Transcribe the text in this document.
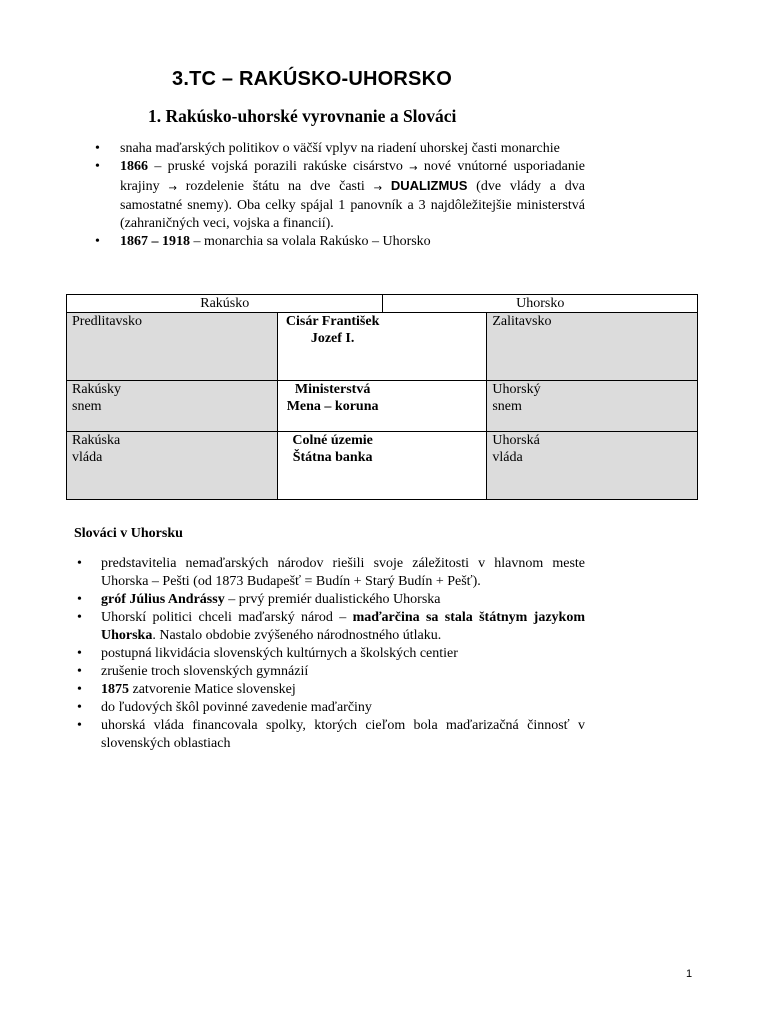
3.TC – RAKÚSKO-UHORSKO
1. Rakúsko-uhorské vyrovnanie a Slováci
• snaha maďarských politikov o väčší vplyv na riadení uhorskej časti monarchie
• 1866 – pruské vojská porazili rakúske cisárstvo → nové vnútorné usporiadanie krajiny → rozdelenie štátu na dve časti → DUALIZMUS (dve vlády a dva samostatné snemy). Oba celky spájal 1 panovník a 3 najdôležitejšie ministerstvá (zahraničných veci, vojska a financií).
• 1867 – 1918 – monarchia sa volala Rakúsko – Uhorsko
Rakúsko		Uhorsko	
Predlitavsko	Cisár František Jozef I.		Zalitavsko

Rakúsky snem	Ministerstvá Mena – koruna		Uhorský snem

Rakúska vláda	Colné územie Štátna banka		Uhorská vláda
Slováci v Uhorsku
• predstavitelia nemaďarských národov riešili svoje záležitosti v hlavnom meste Uhorska – Pešti (od 1873 Budapešť = Budín + Starý Budín + Pešť).
• gróf Július Andrássy – prvý premiér dualistického Uhorska
• Uhorskí politici chceli maďarský národ – maďarčina sa stala štátnym jazykom Uhorska. Nastalo obdobie zvýšeného národnostného útlaku.
• postupná likvidácia slovenských kultúrnych a školských centier
• zrušenie troch slovenských gymnázií
• 1875 zatvorenie Matice slovenskej
• do ľudových škôl povinné zavedenie maďarčiny
• uhorská vláda financovala spolky, ktorých cieľom bola maďarizačná činnosť v slovenských oblastiach
1
